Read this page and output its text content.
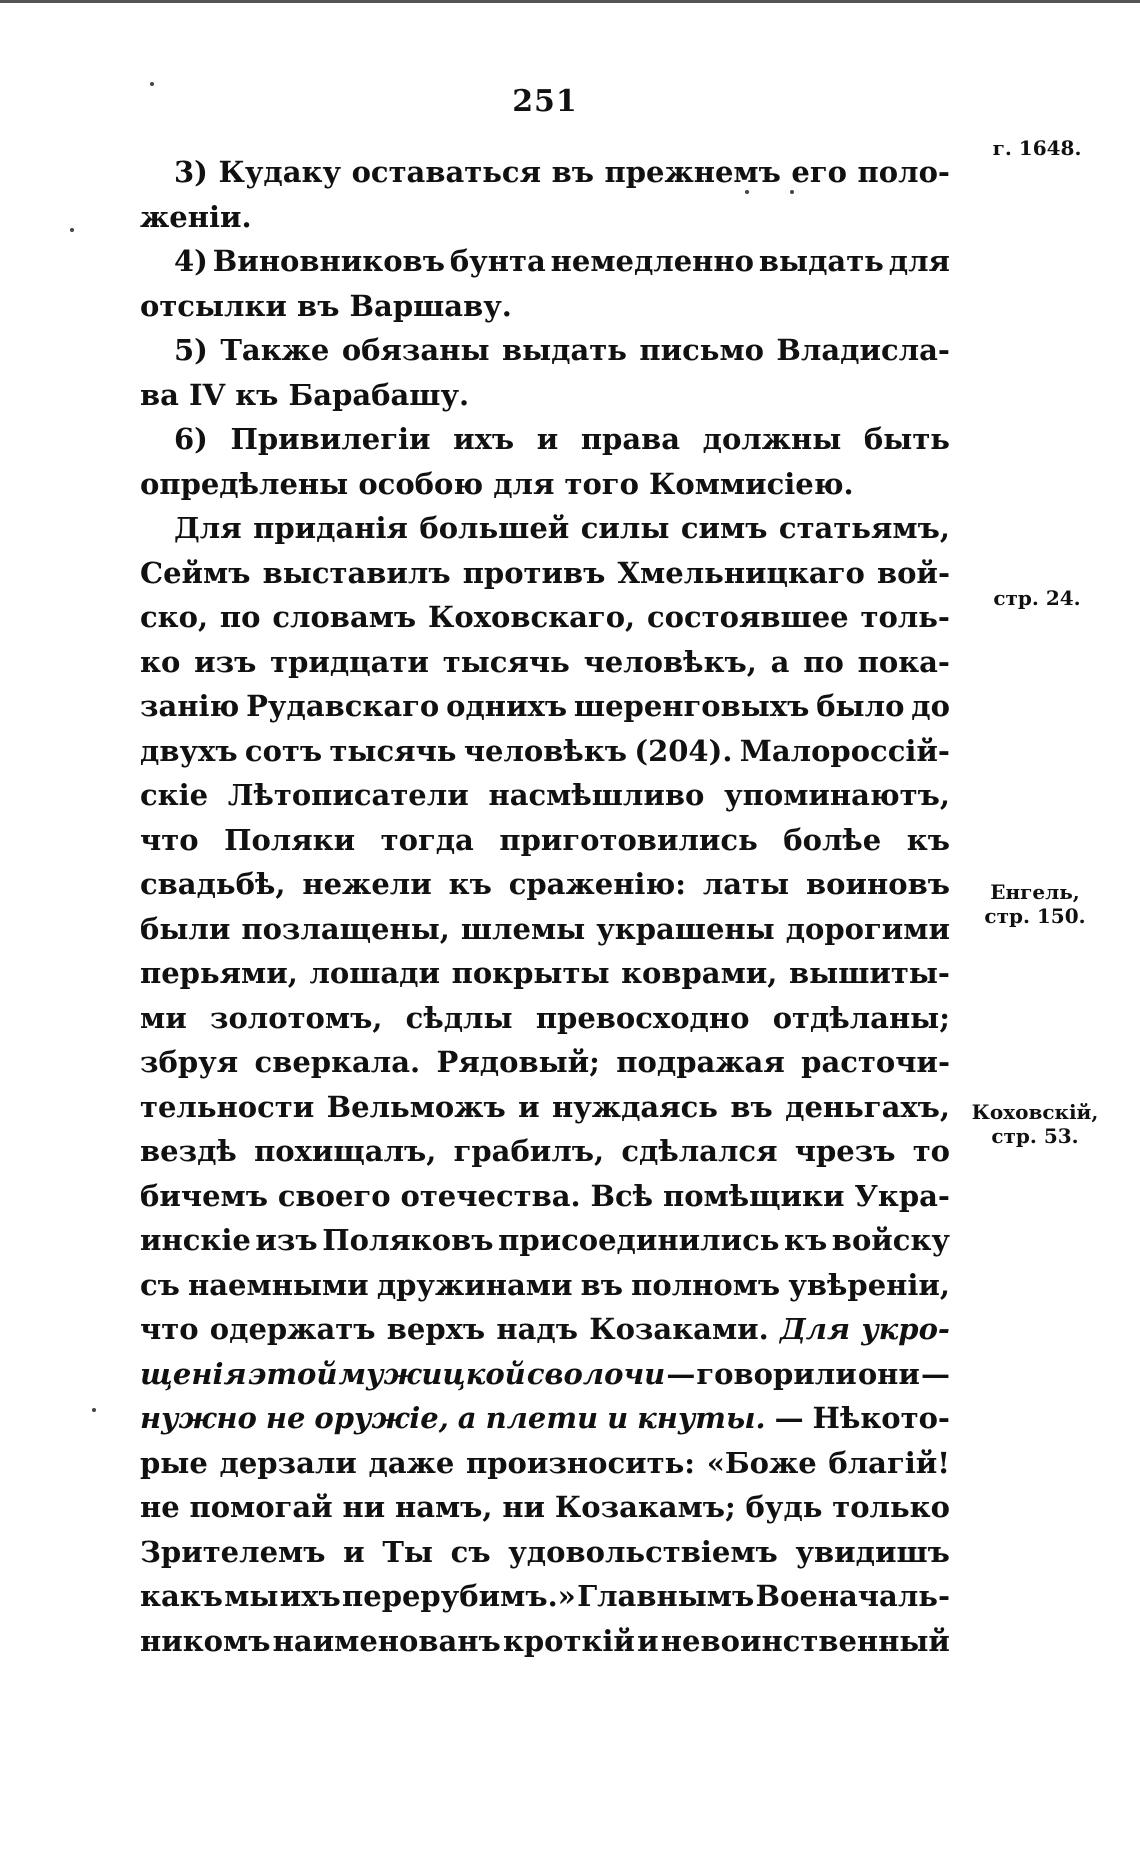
251
3) Кудаку оставаться въ прежнемъ его поло-
женіи.
4) Виновниковъ бунта немедленно выдать для
отсылки въ Варшаву.
5) Также обязаны выдать письмо Владисла-
ва IV къ Барабашу.
6) Привилегіи ихъ и права должны быть
опредѣлены особою для того Коммисіею.
Для приданія большей силы симъ статьямъ,
Сеймъ выставилъ противъ Хмельницкаго вой-
ско, по словамъ Коховскаго, состоявшее толь-
ко изъ тридцати тысячь человѣкъ, а по пока-
занію Рудавскаго однихъ шеренговыхъ было до
двухъ сотъ тысячь человѣкъ (204). Малороссій-
скіе Лѣтописатели насмѣшливо упоминаютъ,
что Поляки тогда приготовились болѣе къ
свадьбѣ, нежели къ сраженію: латы воиновъ
были позлащены, шлемы украшены дорогими
перьями, лошади покрыты коврами, вышиты-
ми золотомъ, сѣдлы превосходно отдѣланы;
збруя сверкала. Рядовый; подражая расточи-
тельности Вельможъ и нуждаясь въ деньгахъ,
вездѣ похищалъ, грабилъ, сдѣлался чрезъ то
бичемъ своего отечества. Всѣ помѣщики Укра-
инскіе изъ Поляковъ присоединились къ войску
съ наемными дружинами въ полномъ увѣреніи,
что одержатъ верхъ надъ Козаками. Для укро-
щенія этой мужицкой сволочи — говорили они —
нужно не оружіе, а плети и кнуты. — Нѣкото-
рые дерзали даже произносить: «Боже благій!
не помогай ни намъ, ни Козакамъ; будь только
Зрителемъ и Ты съ удовольствіемъ увидишъ
какъ мы ихъ перерубимъ.» Главнымъ Военачаль-
никомъ наименованъ кроткій и невоинственный
г. 1648.
стр. 24.
Енгель, стр. 150.
Коховскій, стр. 53.
